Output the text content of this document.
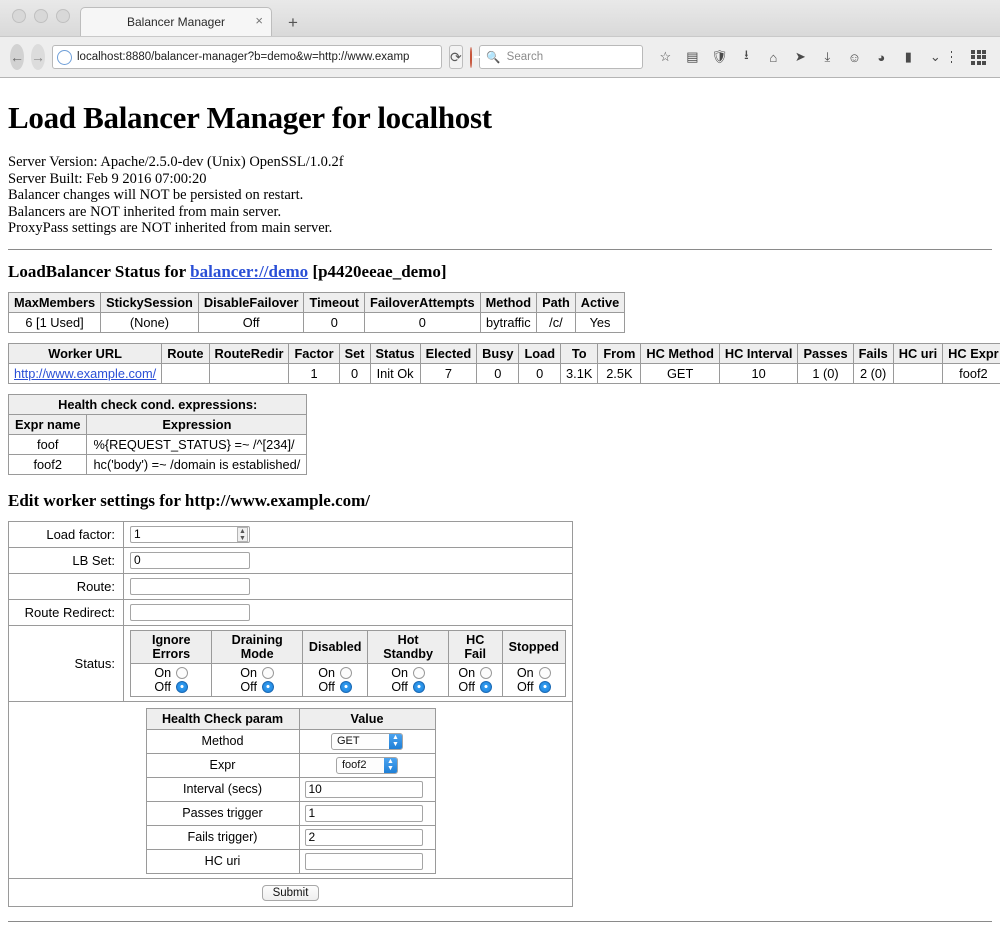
Balancer Manager ×	+
← →	localhost:8880/balancer-manager?b=demo&w=http://www.examp	⟳ 🔍 Search	☆ ▤ 🛡	⭳	⌂	➤	⤓	☺	◕	▮	⌄
Load Balancer Manager for localhost
Server Version: Apache/2.5.0-dev (Unix) OpenSSL/1.0.2f
Server Built: Feb 9 2016 07:00:20
Balancer changes will NOT be persisted on restart.
Balancers are NOT inherited from main server.
ProxyPass settings are NOT inherited from main server.
LoadBalancer Status for balancer://demo [p4420eeae_demo]
MaxMembers	StickySession	DisableFailover	Timeout	FailoverAttempts	Method	Path	Active
6 [1 Used]	(None)	Off	0	0	bytraffic	/c/	Yes
Worker URL	Route	RouteRedir	Factor	Set	Status	Elected	Busy	Load	To	From	HC Method	HC Interval	Passes	Fails	HC uri	HC Expr
http://www.example.com/			1	0	Init Ok	7	0	0	3.1K	2.5K	GET	10	1 (0)	2 (0)		foof2
Health check cond. expressions:	
Expr name	Expression
foof	%{REQUEST_STATUS} =~ /^[234]/
foof2	hc('body') =~ /domain is established/
Edit worker settings for http://www.example.com/
Load factor:	1▲
▼

LB Set:	0
Route:	
Route Redirect:	
Status:	
Ignore Errors	Draining Mode	Disabled	Hot Standby	HC Fail	Stopped

On
Off

On
Off

On
Off

On
Off

On
Off

On
Off

Health Check param	Value
Method	GET	▲
▼

Expr	foof2	▲
▼

Interval (secs)	10
Passes trigger	1
Fails trigger)	2
HC uri	

Submit
